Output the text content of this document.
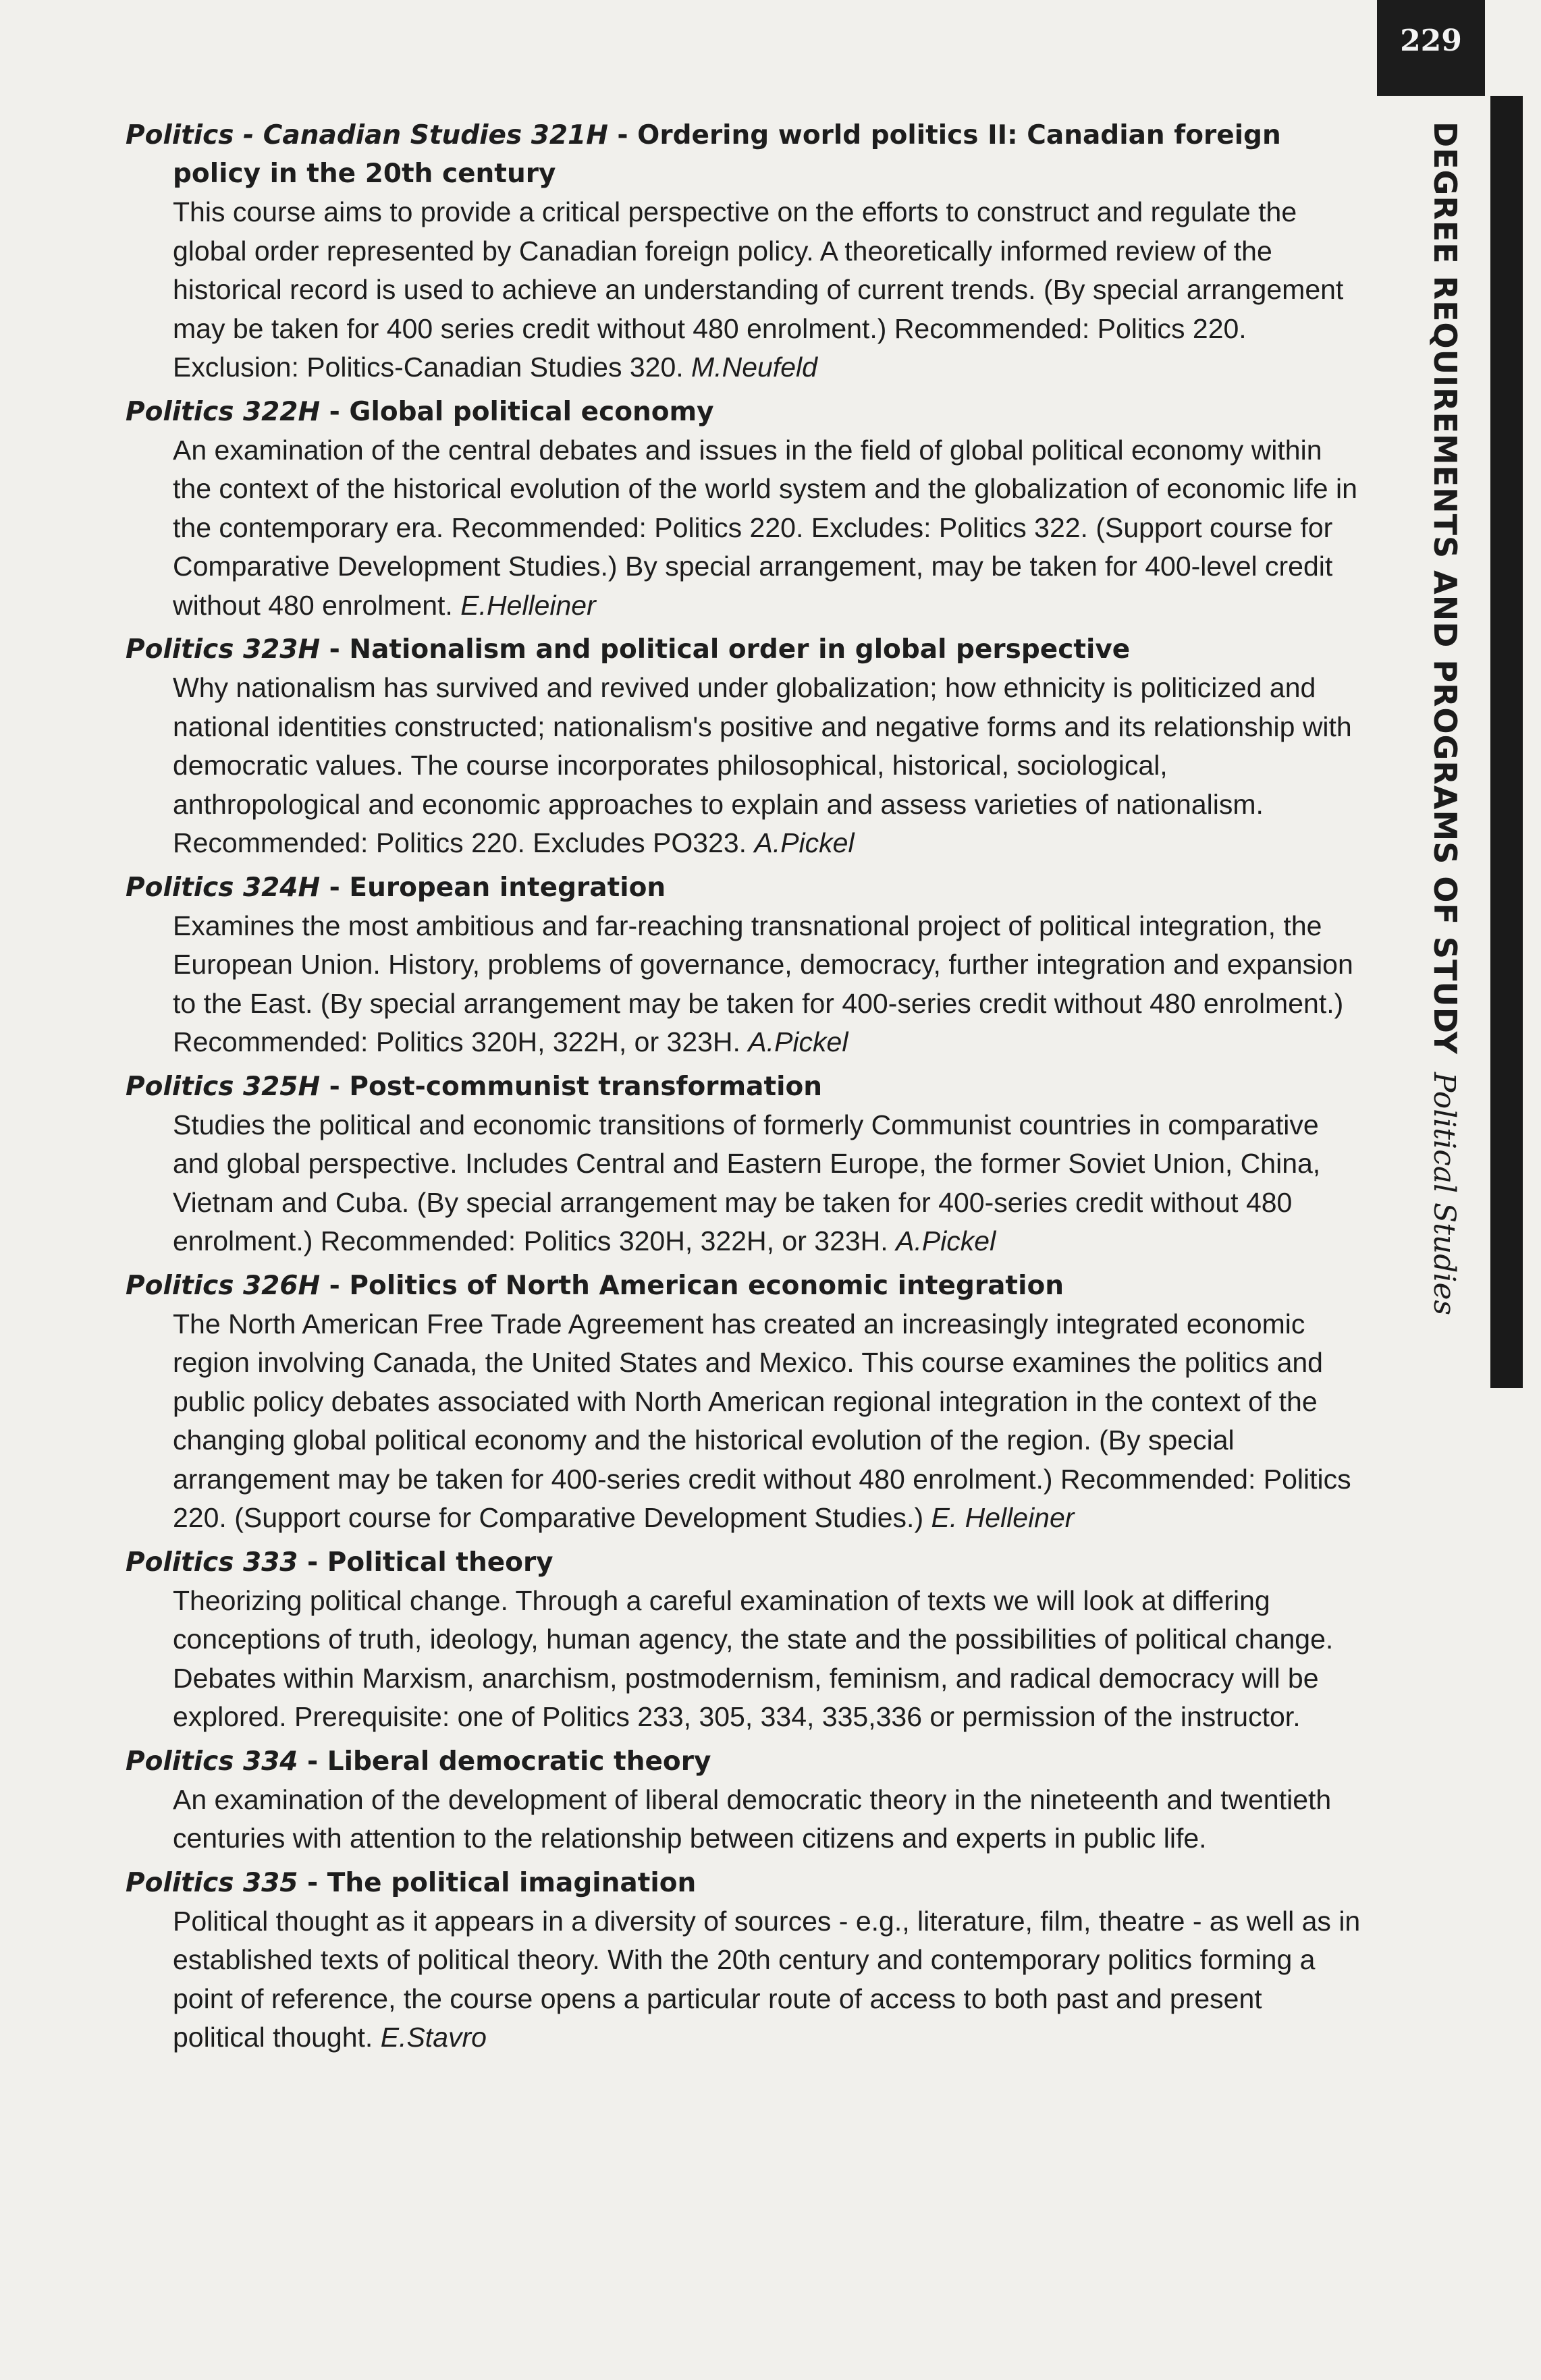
229
DEGREE REQUIREMENTS AND PROGRAMS OF STUDYPolitical Studies
Politics - Canadian Studies 321H - Ordering world politics II: Canadian foreign policy in the 20th century

This course aims to provide a critical perspective on the efforts to construct and regulate the global order represented by Canadian foreign policy. A theoretically informed review of the historical record is used to achieve an understanding of current trends. (By special arrangement may be taken for 400 series credit without 480 enrolment.) Recommended: Politics 220. Exclusion: Politics-Canadian Studies 320. M.Neufeld

Politics 322H - Global political economy

An examination of the central debates and issues in the field of global political economy within the context of the historical evolution of the world system and the globalization of economic life in the contemporary era. Recommended: Politics 220. Excludes: Politics 322. (Support course for Comparative Development Studies.) By special arrangement, may be taken for 400-level credit without 480 enrolment. E.Helleiner

Politics 323H - Nationalism and political order in global perspective

Why nationalism has survived and revived under globalization; how ethnicity is politicized and national identities constructed; nationalism's positive and negative forms and its relationship with democratic values. The course incorporates philosophical, historical, sociological, anthropological and economic approaches to explain and assess varieties of nationalism. Recommended: Politics 220. Excludes PO323. A.Pickel

Politics 324H - European integration

Examines the most ambitious and far-reaching transnational project of political integration, the European Union. History, problems of governance, democracy, further integration and expansion to the East. (By special arrangement may be taken for 400-series credit without 480 enrolment.) Recommended: Politics 320H, 322H, or 323H. A.Pickel

Politics 325H - Post-communist transformation

Studies the political and economic transitions of formerly Communist countries in comparative and global perspective. Includes Central and Eastern Europe, the former Soviet Union, China, Vietnam and Cuba. (By special arrangement may be taken for 400-series credit without 480 enrolment.) Recommended: Politics 320H, 322H, or 323H. A.Pickel

Politics 326H - Politics of North American economic integration

The North American Free Trade Agreement has created an increasingly integrated economic region involving Canada, the United States and Mexico. This course examines the politics and public policy debates associated with North American regional integration in the context of the changing global political economy and the historical evolution of the region. (By special arrangement may be taken for 400-series credit without 480 enrolment.) Recommended: Politics 220. (Support course for Comparative Development Studies.) E. Helleiner

Politics 333 - Political theory

Theorizing political change. Through a careful examination of texts we will look at differing conceptions of truth, ideology, human agency, the state and the possibilities of political change. Debates within Marxism, anarchism, postmodernism, feminism, and radical democracy will be explored. Prerequisite: one of Politics 233, 305, 334, 335,336 or permission of the instructor.

Politics 334 - Liberal democratic theory

An examination of the development of liberal democratic theory in the nineteenth and twentieth centuries with attention to the relationship between citizens and experts in public life.

Politics 335 - The political imagination

Political thought as it appears in a diversity of sources - e.g., literature, film, theatre - as well as in established texts of political theory. With the 20th century and contemporary politics forming a point of reference, the course opens a particular route of access to both past and present political thought. E.Stavro
